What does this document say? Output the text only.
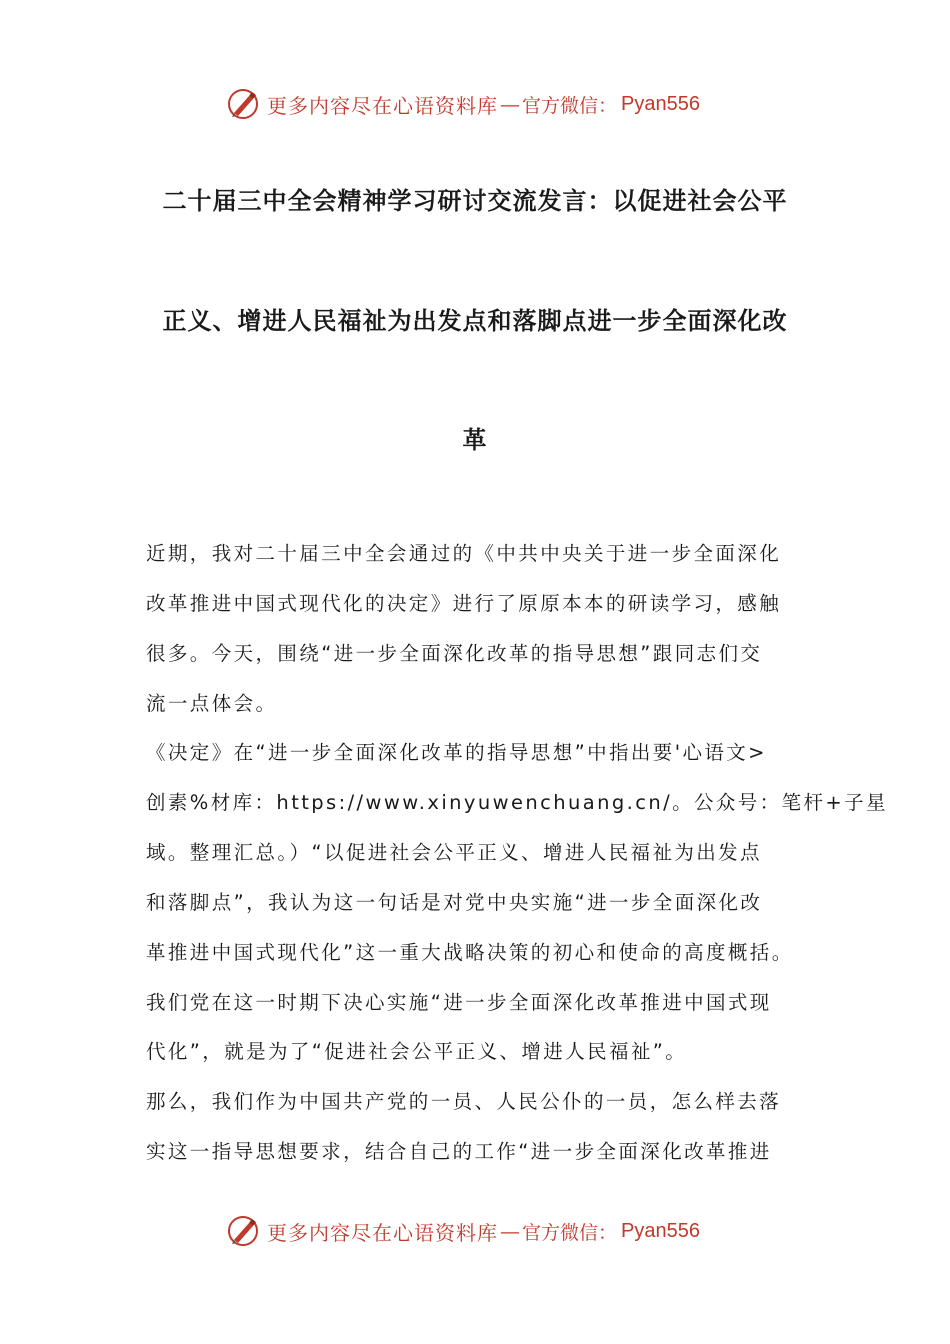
更多内容尽在心语资料库 — 官方微信： Pyan556
二十届三中全会精神学习研讨交流发言：以促进社会公平
正义、增进人民福祉为出发点和落脚点进一步全面深化改
革
近期，我对二十届三中全会通过的《中共中央关于进一步全面深化
改革推进中国式现代化的决定》进行了原原本本的研读学习，感触
很多。今天，围绕“进一步全面深化改革的指导思想”跟同志们交
流一点体会。
《决定》在“进一步全面深化改革的指导思想”中指出要'心语文>
创素%材库：https://www.xinyuwenchuang.cn/。公众号：笔杆+子星
域。整理汇总。）“以促进社会公平正义、增进人民福祉为出发点
和落脚点”，我认为这一句话是对党中央实施“进一步全面深化改
革推进中国式现代化”这一重大战略决策的初心和使命的高度概括。
我们党在这一时期下决心实施“进一步全面深化改革推进中国式现
代化”，就是为了“促进社会公平正义、增进人民福祉”。
那么，我们作为中国共产党的一员、人民公仆的一员，怎么样去落
实这一指导思想要求，结合自己的工作“进一步全面深化改革推进
更多内容尽在心语资料库 — 官方微信： Pyan556
